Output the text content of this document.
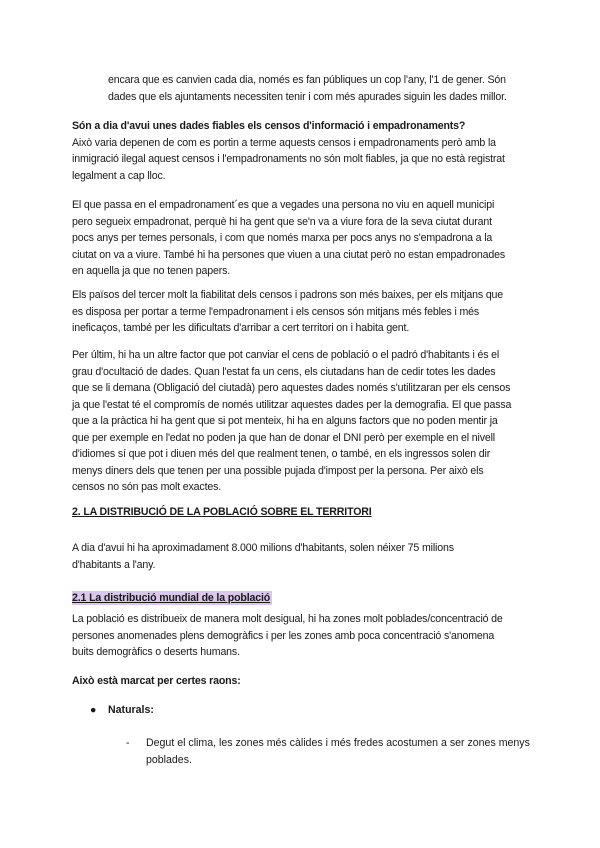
encara que es canvien cada dia, només es fan públiques un cop l'any, l'1 de gener. Són
dades que els ajuntaments necessiten tenir i com més apurades siguin les dades millor.
Són a dia d'avui unes dades fiables els censos d'informació i empadronaments?
Això varia depenen de com es portin a terme aquests censos i empadronaments però amb la
inmigració ilegal aquest censos i l'empadronaments no són molt fiables, ja que no està registrat
legalment a cap lloc.
El que passa en el empadronament´es que a vegades una persona no viu en aquell municipi
pero segueix empadronat, perquè hi ha gent que se'n va a viure fora de la seva ciutat durant
pocs anys per temes personals, i com que només marxa per pocs anys no s'empadrona a la
ciutat on va a viure. També hi ha persones que viuen a una ciutat però no estan empadronades
en aquella ja que no tenen papers.
Els països del tercer molt la fiabilitat dels censos i padrons son més baixes, per els mitjans que
es disposa per portar a terme l'empadronament i els censos són mitjans més febles i més
ineficaços, també per les dificultats d'arribar a cert territori on i habita gent.
Per últim, hi ha un altre factor que pot canviar el cens de població o el padró d'habitants i és el
grau d'ocultació de dades. Quan l'estat fa un cens, els ciutadans han de cedir totes les dades
que se li demana (Obligació del ciutadà) pero aquestes dades només s'utilitzaran per els censos
ja que l'estat té el compromís de només utilitzar aquestes dades per la demografia. El que passa
que a la pràctica hi ha gent que si pot menteix, hi ha en alguns factors que no poden mentir ja
que per exemple en l'edat no poden ja que han de donar el DNI però per exemple en el nivell
d'idiomes sí que pot i diuen més del que realment tenen, o també, en els ingressos solen dir
menys diners dels que tenen per una possible pujada d'impost per la persona. Per això els
censos no són pas molt exactes.
2. LA DISTRIBUCIÓ DE LA POBLACIÓ SOBRE EL TERRITORI
A dia d'avui hi ha aproximadament 8.000 milions d'habitants, solen néixer 75 milions
d'habitants a l'any.
2.1 La distribució mundial de la població
La població es distribueix de manera molt desigual, hi ha zones molt poblades/concentració de
persones anomenades plens demogràfics i per les zones amb poca concentració s'anomena
buits demogràfics o deserts humans.
Això està marcat per certes raons:
● Naturals:
- Degut el clima, les zones més càlides i més fredes acostumen a ser zones menys
poblades.
